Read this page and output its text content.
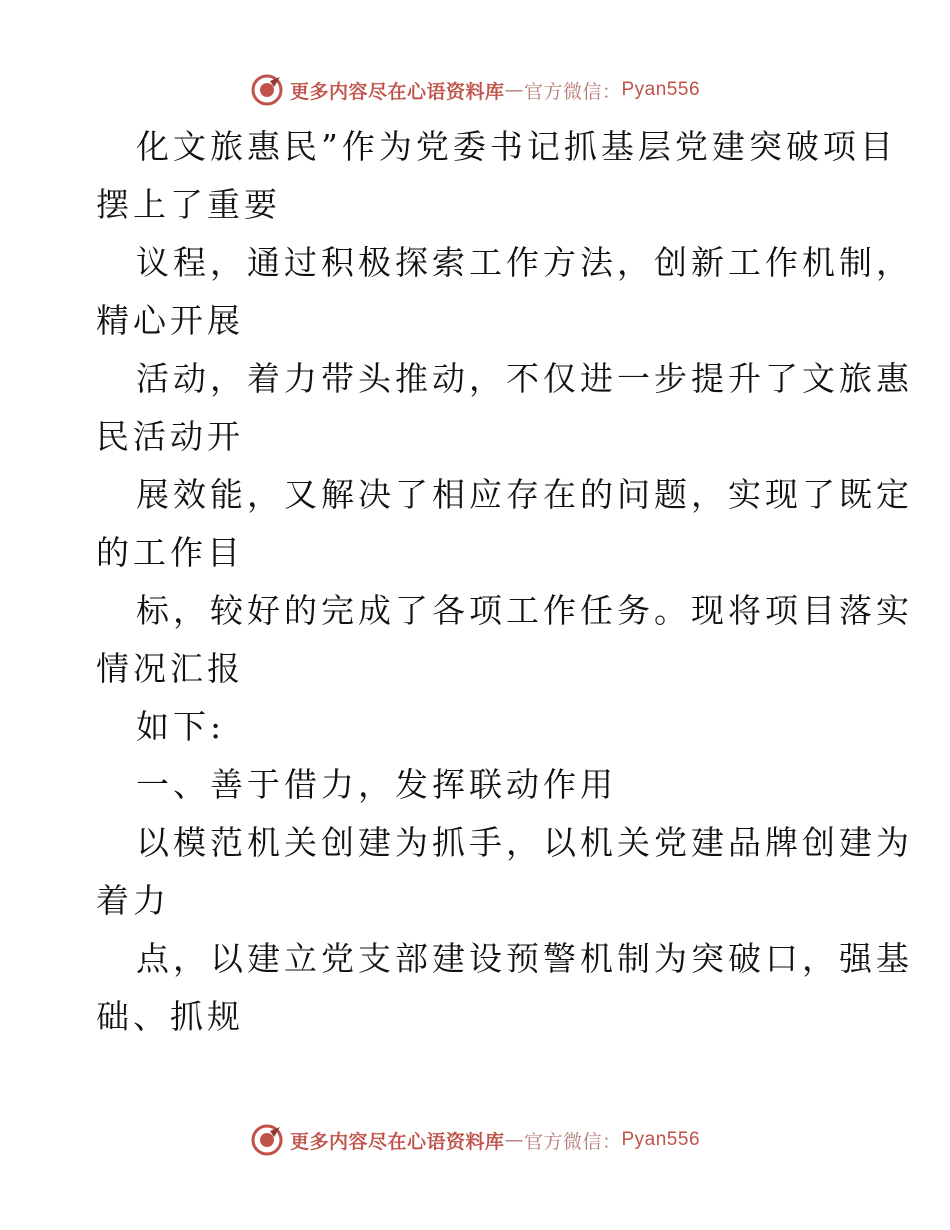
更多内容尽在心语资料库 — 官方微信： Pyan556
化文旅惠民”作为党委书记抓基层党建突破项目
摆上了重要
议程，通过积极探索工作方法，创新工作机制，
精心开展
活动，着力带头推动，不仅进一步提升了文旅惠
民活动开
展效能，又解决了相应存在的问题，实现了既定
的工作目
标，较好的完成了各项工作任务。现将项目落实
情况汇报
如下:
一、善于借力，发挥联动作用
以模范机关创建为抓手，以机关党建品牌创建为
着力
点，以建立党支部建设预警机制为突破口，强基
础、抓规
更多内容尽在心语资料库 — 官方微信： Pyan556
